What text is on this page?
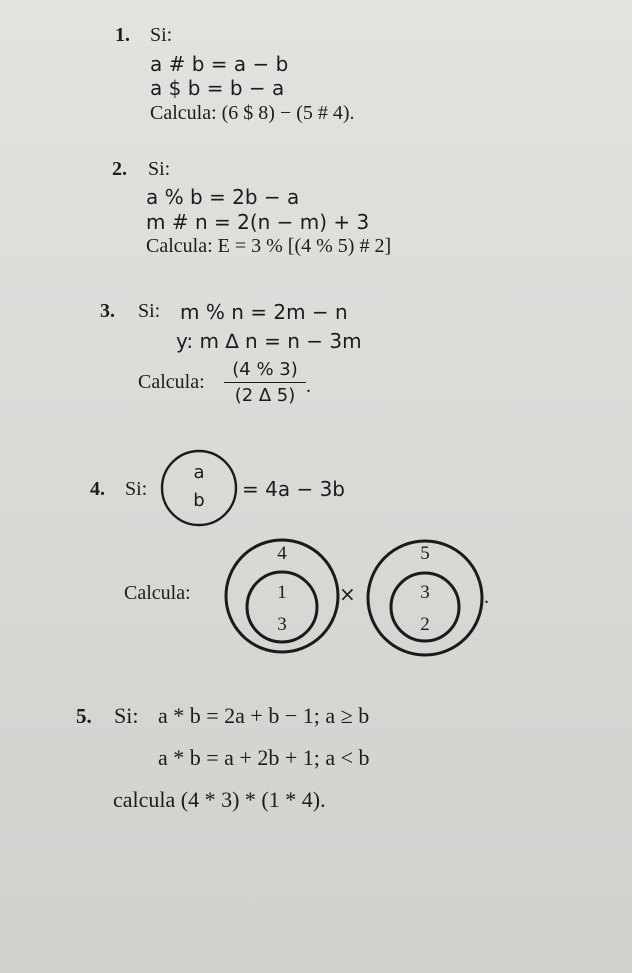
1. Si:
a # b = a − b
a $ b = b − a
Calcula: (6 $ 8) − (5 # 4).
2. Si:
a % b = 2b − a
m # n = 2(n − m) + 3
Calcula: E = 3 % [(4 % 5) # 2]
3. Si: m % n = 2m − n
y: m ∆ n = n − 3m
Calcula:
(4 % 3)
(2 ∆ 5) .
4. Si:
a
b = 4a − 3b
Calcula:
4
1
3
×
5
3
2
.
5. Si: a * b = 2a + b − 1; a ≥ b
a * b = a + 2b + 1; a < b
calcula (4 * 3) * (1 * 4).
